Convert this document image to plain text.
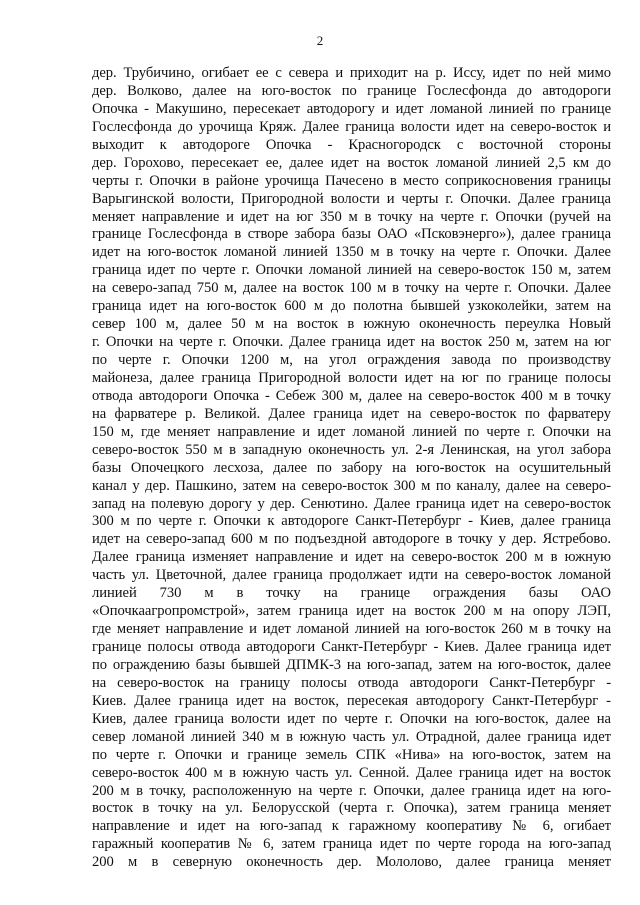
2
дер. Трубичино, огибает ее с севера и приходит на р. Иссу, идет по ней мимо
дер. Волково, далее на юго-восток по границе Гослесфонда до автодороги
Опочка - Макушино, пересекает автодорогу и идет ломаной линией по границе
Гослесфонда до урочища Кряж. Далее граница волости идет на северо-восток и
выходит к автодороге Опочка - Красногородск с восточной стороны
дер. Горохово, пересекает ее, далее идет на восток ломаной линией 2,5 км до
черты г. Опочки в районе урочища Пачесено в место соприкосновения границы
Варыгинской волости, Пригородной волости и черты г. Опочки. Далее граница
меняет направление и идет на юг 350 м в точку на черте г. Опочки (ручей на
границе Гослесфонда в створе забора базы ОАО «Псковэнерго»), далее граница
идет на юго-восток ломаной линией 1350 м в точку на черте г. Опочки. Далее
граница идет по черте г. Опочки ломаной линией на северо-восток 150 м, затем
на северо-запад 750 м, далее на восток 100 м в точку на черте г. Опочки. Далее
граница идет на юго-восток 600 м до полотна бывшей узкоколейки, затем на
север 100 м, далее 50 м на восток в южную оконечность переулка Новый
г. Опочки на черте г. Опочки. Далее граница идет на восток 250 м, затем на юг
по черте г. Опочки 1200 м, на угол ограждения завода по производству
майонеза, далее граница Пригородной волости идет на юг по границе полосы
отвода автодороги Опочка - Себеж 300 м, далее на северо-восток 400 м в точку
на фарватере р. Великой. Далее граница идет на северо-восток по фарватеру
150 м, где меняет направление и идет ломаной линией по черте г. Опочки на
северо-восток 550 м в западную оконечность ул. 2-я Ленинская, на угол забора
базы Опочецкого лесхоза, далее по забору на юго-восток на осушительный
канал у дер. Пашкино, затем на северо-восток 300 м по каналу, далее на северо-
запад на полевую дорогу у дер. Сенютино. Далее граница идет на северо-восток
300 м по черте г. Опочки к автодороге Санкт-Петербург - Киев, далее граница
идет на северо-запад 600 м по подъездной автодороге в точку у дер. Ястребово.
Далее граница изменяет направление и идет на северо-восток 200 м в южную
часть ул. Цветочной, далее граница продолжает идти на северо-восток ломаной
линией 730 м в точку на границе ограждения базы ОАО
«Опочкаагропромстрой», затем граница идет на восток 200 м на опору ЛЭП,
где меняет направление и идет ломаной линией на юго-восток 260 м в точку на
границе полосы отвода автодороги Санкт-Петербург - Киев. Далее граница идет
по ограждению базы бывшей ДПМК-3 на юго-запад, затем на юго-восток, далее
на северо-восток на границу полосы отвода автодороги Санкт-Петербург -
Киев. Далее граница идет на восток, пересекая автодорогу Санкт-Петербург -
Киев, далее граница волости идет по черте г. Опочки на юго-восток, далее на
север ломаной линией 340 м в южную часть ул. Отрадной, далее граница идет
по черте г. Опочки и границе земель СПК «Нива» на юго-восток, затем на
северо-восток 400 м в южную часть ул. Сенной. Далее граница идет на восток
200 м в точку, расположенную на черте г. Опочки, далее граница идет на юго-
восток в точку на ул. Белорусской (черта г. Опочка), затем граница меняет
направление и идет на юго-запад к гаражному кооперативу № 6, огибает
гаражный кооператив № 6, затем граница идет по черте города на юго-запад
200 м в северную оконечность дер. Мололово, далее граница меняет
